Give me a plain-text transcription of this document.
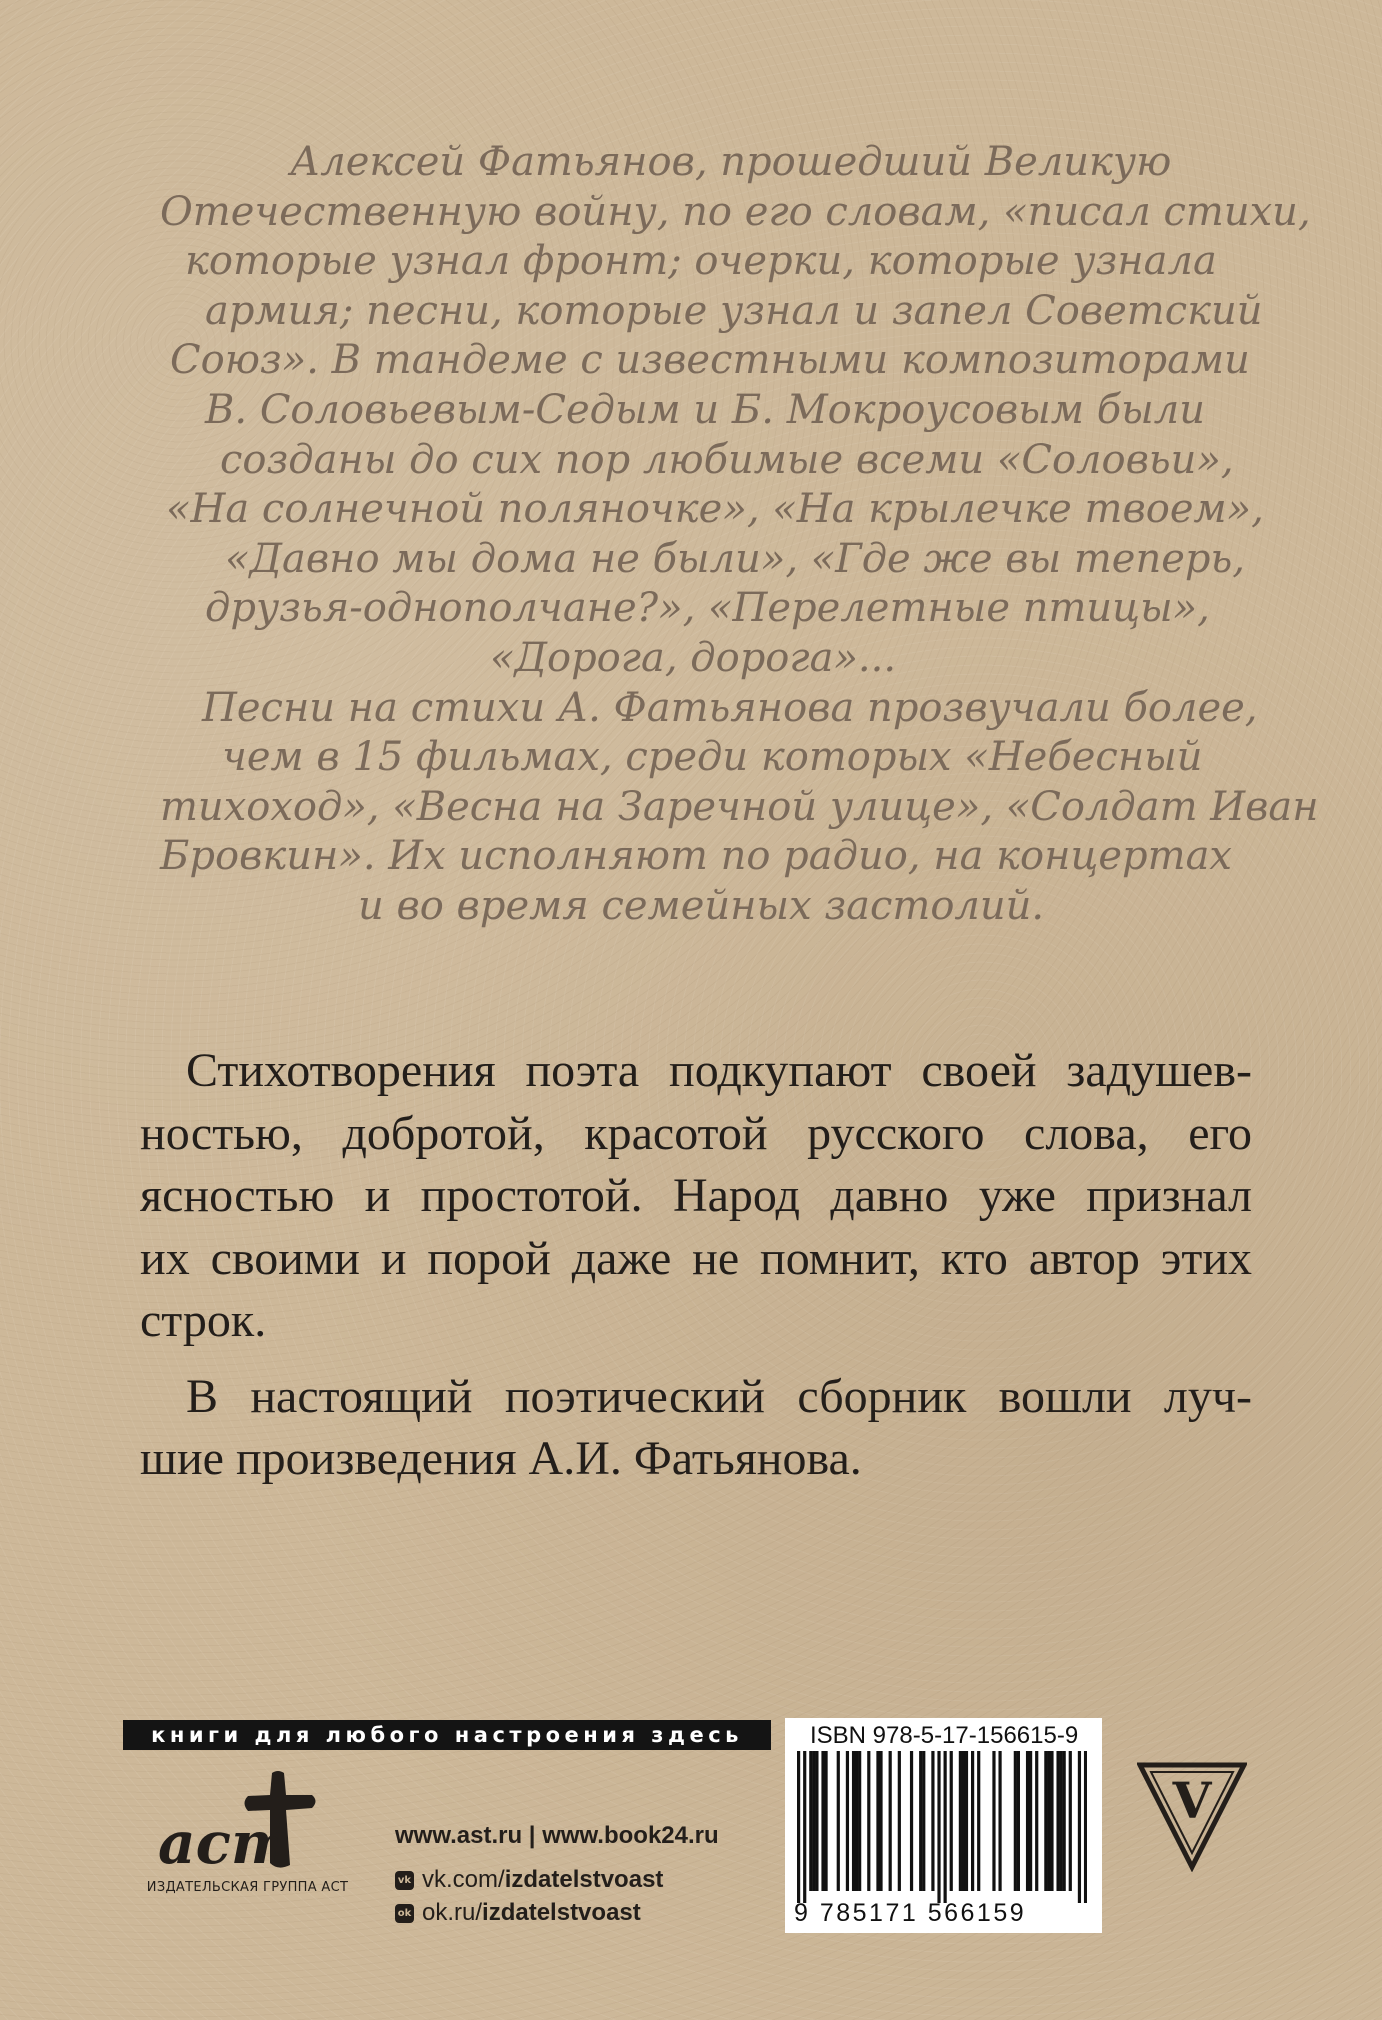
Алексей Фатьянов, прошедший Великую
Отечественную войну, по его словам, «писал стихи,
которые узнал фронт; очерки, которые узнала
армия; песни, которые узнал и запел Советский
Союз». В тандеме с известными композиторами
В. Соловьевым-Седым и Б. Мокроусовым были
созданы до сих пор любимые всеми «Соловьи»,
«На солнечной поляночке», «На крылечке твоем»,
«Давно мы дома не были», «Где же вы теперь,
друзья-однополчане?», «Перелетные птицы»,
«Дорога, дорога»...
Песни на стихи А. Фатьянова прозвучали более,
чем в 15 фильмах, среди которых «Небесный
тихоход», «Весна на Заречной улице», «Солдат Иван
Бровкин». Их исполняют по радио, на концертах
и во время семейных застолий.
Стихотворения поэта подкупают своей задушев-
ностью, добротой, красотой русского слова, его
ясностью и простотой. Народ давно уже признал
их своими и порой даже не помнит, кто автор этих
строк.
В настоящий поэтический сборник вошли луч-
шие произведения А.И. Фатьянова.
книги для любого настроения здесь
аст
ИЗДАТЕЛЬСКАЯ ГРУППА АСТ
www.ast.ru | www.book24.ru
vk vk.com/izdatelstvoast
ok ok.ru/izdatelstvoast
ISBN 978-5-17-156615-9
9 785171 566159
V
